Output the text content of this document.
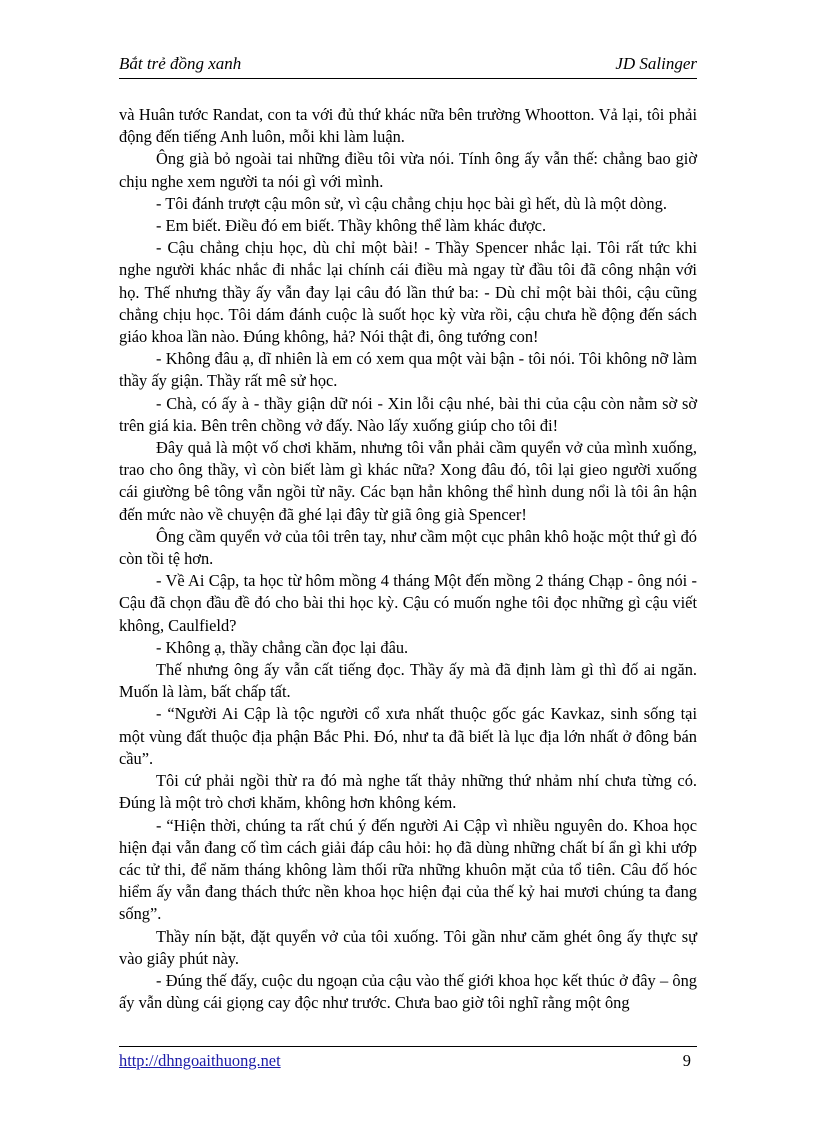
Bắt trẻ đồng xanh	JD Salinger

và Huân tước Randat, con ta với đủ thứ khác nữa bên trường Whootton. Vả lại, tôi phải động đến tiếng Anh luôn, mỗi khi làm luận.

Ông già bỏ ngoài tai những điều tôi vừa nói. Tính ông ấy vẫn thế: chẳng bao giờ chịu nghe xem người ta nói gì với mình.

- Tôi đánh trượt cậu môn sử, vì cậu chẳng chịu học bài gì hết, dù là một dòng.

- Em biết. Điều đó em biết. Thầy không thể làm khác được.

- Cậu chẳng chịu học, dù chỉ một bài! - Thầy Spencer nhắc lại. Tôi rất tức khi nghe người khác nhắc đi nhắc lại chính cái điều mà ngay từ đầu tôi đã công nhận với họ. Thế nhưng thầy ấy vẫn đay lại câu đó lần thứ ba: - Dù chỉ một bài thôi, cậu cũng chẳng chịu học. Tôi dám đánh cuộc là suốt học kỳ vừa rồi, cậu chưa hề động đến sách giáo khoa lần nào. Đúng không, hả? Nói thật đi, ông tướng con!

- Không đâu ạ, dĩ nhiên là em có xem qua một vài bận - tôi nói. Tôi không nỡ làm thầy ấy giận. Thầy rất mê sử học.

- Chà, có ấy à - thầy giận dữ nói - Xin lỗi cậu nhé, bài thi của cậu còn nằm sờ sờ trên giá kia. Bên trên chồng vở đấy. Nào lấy xuống giúp cho tôi đi!

Đây quả là một vố chơi khăm, nhưng tôi vẫn phải cầm quyển vở của mình xuống, trao cho ông thầy, vì còn biết làm gì khác nữa? Xong đâu đó, tôi lại gieo người xuống cái giường bê tông vẫn ngồi từ nãy. Các bạn hẳn không thể hình dung nổi là tôi ân hận đến mức nào về chuyện đã ghé lại đây từ giã ông già Spencer!

Ông cầm quyển vở của tôi trên tay, như cầm một cục phân khô hoặc một thứ gì đó còn tồi tệ hơn.

- Về Ai Cập, ta học từ hôm mồng 4 tháng Một đến mồng 2 tháng Chạp - ông nói - Cậu đã chọn đầu đề đó cho bài thi học kỳ. Cậu có muốn nghe tôi đọc những gì cậu viết không, Caulfield?

- Không ạ, thầy chẳng cần đọc lại đâu.

Thế nhưng ông ấy vẫn cất tiếng đọc. Thầy ấy mà đã định làm gì thì đố ai ngăn. Muốn là làm, bất chấp tất.

- “Người Ai Cập là tộc người cổ xưa nhất thuộc gốc gác Kavkaz, sinh sống tại một vùng đất thuộc địa phận Bắc Phi. Đó, như ta đã biết là lục địa lớn nhất ở đông bán cầu”.

Tôi cứ phải ngồi thừ ra đó mà nghe tất thảy những thứ nhảm nhí chưa từng có. Đúng là một trò chơi khăm, không hơn không kém.

- “Hiện thời, chúng ta rất chú ý đến người Ai Cập vì nhiều nguyên do. Khoa học hiện đại vẫn đang cố tìm cách giải đáp câu hỏi: họ đã dùng những chất bí ẩn gì khi ướp các tử thi, để năm tháng không làm thối rữa những khuôn mặt của tổ tiên. Câu đố hóc hiểm ấy vẫn đang thách thức nền khoa học hiện đại của thế kỷ hai mươi chúng ta đang sống”.

Thầy nín bặt, đặt quyển vở của tôi xuống. Tôi gần như căm ghét ông ấy thực sự vào giây phút này.

- Đúng thế đấy, cuộc du ngoạn của cậu vào thế giới khoa học kết thúc ở đây – ông ấy vẫn dùng cái giọng cay độc như trước. Chưa bao giờ tôi nghĩ rằng một ông

http://dhngoaithuong.net	9
